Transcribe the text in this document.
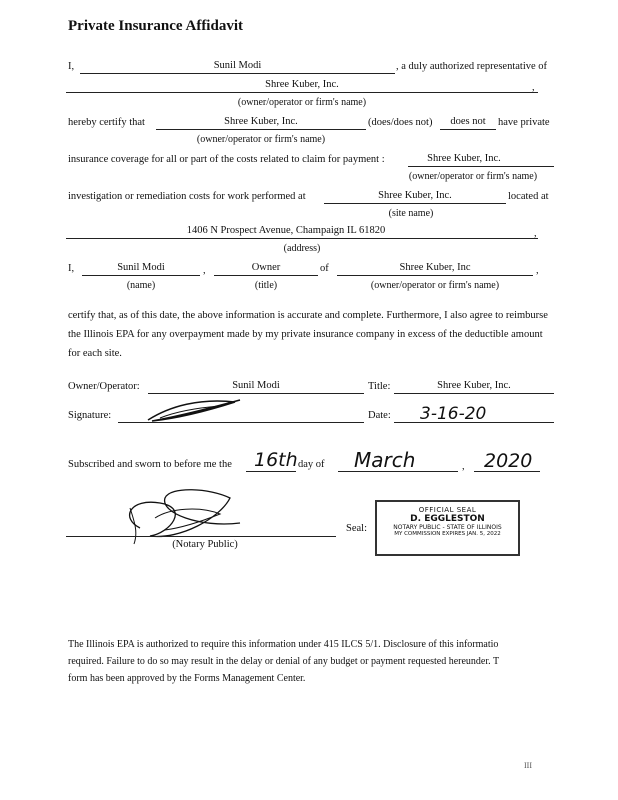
Private Insurance Affidavit
I,	Sunil Modi	, a duly authorized representative of
Shree Kuber, Inc.	,
(owner/operator or firm's name)
hereby certify that	Shree Kuber, Inc.	(does/does not)	does not	have private
(owner/operator or firm's name)
insurance coverage for all or part of the costs related to claim for payment :	Shree Kuber, Inc.
(owner/operator or firm's name)
investigation or remediation costs for work performed at	Shree Kuber, Inc.	located at
(site name)
1406 N Prospect Avenue, Champaign IL 61820	,
(address)
I,	Sunil Modi	,	Owner	of	Shree Kuber, Inc	,
(name)	(title)	(owner/operator or firm's name)
certify that, as of this date, the above information is accurate and complete. Furthermore, I also agree to reimburse the Illinois EPA for any overpayment made by my private insurance company in excess of the deductible amount for each site.
Owner/Operator:	Sunil Modi	Title:	Shree Kuber, Inc.
Signature:	Date: 3-16-20
Subscribed and sworn to before me the 16th day of March	, 2020
(Notary Public)
Seal:
OFFICIAL SEAL
D. EGGLESTON
NOTARY PUBLIC - STATE OF ILLINOIS
MY COMMISSION EXPIRES JAN. 5, 2022
The Illinois EPA is authorized to require this information under 415 ILCS 5/1. Disclosure of this informatio
required. Failure to do so may result in the delay or denial of any budget or payment requested hereunder. T
form has been approved by the Forms Management Center.
III
